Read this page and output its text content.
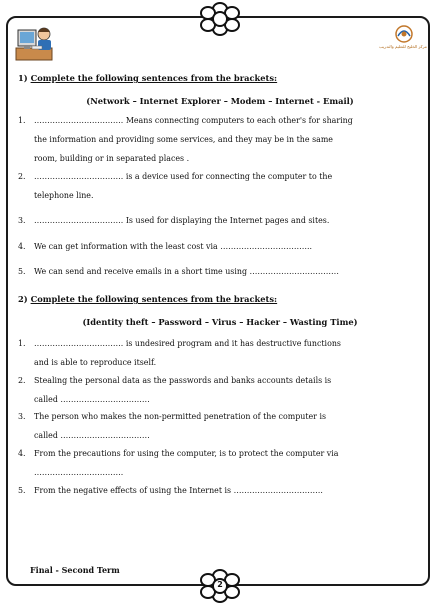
2
مركز الخليج للتعليم والتدريب
1) Complete the following sentences from the brackets:
(Network – Internet Explorer – Modem – Internet - Email)
1. ……………………………. Means connecting computers to each other's for sharing
the information and providing some services, and they may be in the same
room, building or in separated places .
2. ……………………………. is a device used for connecting the computer to the
telephone line.
3. ……………………………. Is used for displaying the Internet pages and sites.
4. We can get information with the least cost via ……………………………..
5. We can send and receive emails in a short time using …………………………….
2) Complete the following sentences from the brackets:
(Identity theft – Password – Virus – Hacker – Wasting Time)
1. ……………………………. is undesired program and it has destructive functions
and is able to reproduce itself.
2. Stealing the personal data as the passwords and banks accounts details is
called …………………………….
3. The person who makes the non-permitted penetration of the computer is
called …………………………….
4. From the precautions for using the computer, is to protect the computer via
…………………………….
5. From the negative effects of using the Internet is …………………………….
Final - Second Term
